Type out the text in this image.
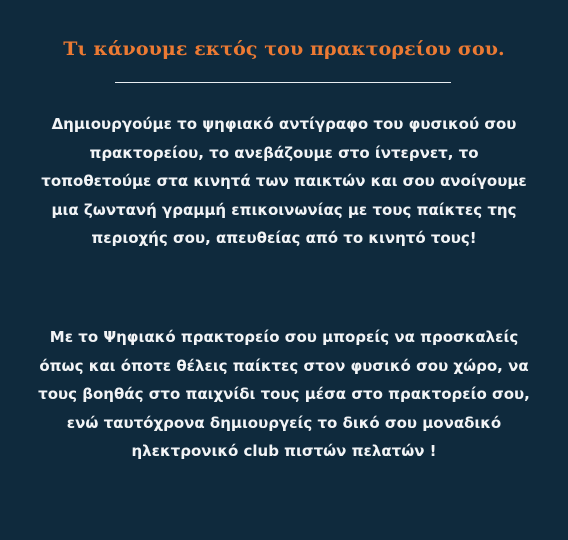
Τι κάνουμε εκτός του πρακτορείου σου.
Δημιουργούμε το ψηφιακό αντίγραφο του φυσικού σου
πρακτορείου, το ανεβάζουμε στο ίντερνετ, το
τοποθετούμε στα κινητά των παικτών και σου ανοίγουμε
μια ζωντανή γραμμή επικοινωνίας με τους παίκτες της
περιοχής σου, απευθείας από το κινητό τους!
Με το Ψηφιακό πρακτορείο σου μπορείς να προσκαλείς
όπως και όποτε θέλεις παίκτες στον φυσικό σου χώρο, να
τους βοηθάς στο παιχνίδι τους μέσα στο πρακτορείο σου,
ενώ ταυτόχρονα δημιουργείς το δικό σου μοναδικό
ηλεκτρονικό club πιστών πελατών !
